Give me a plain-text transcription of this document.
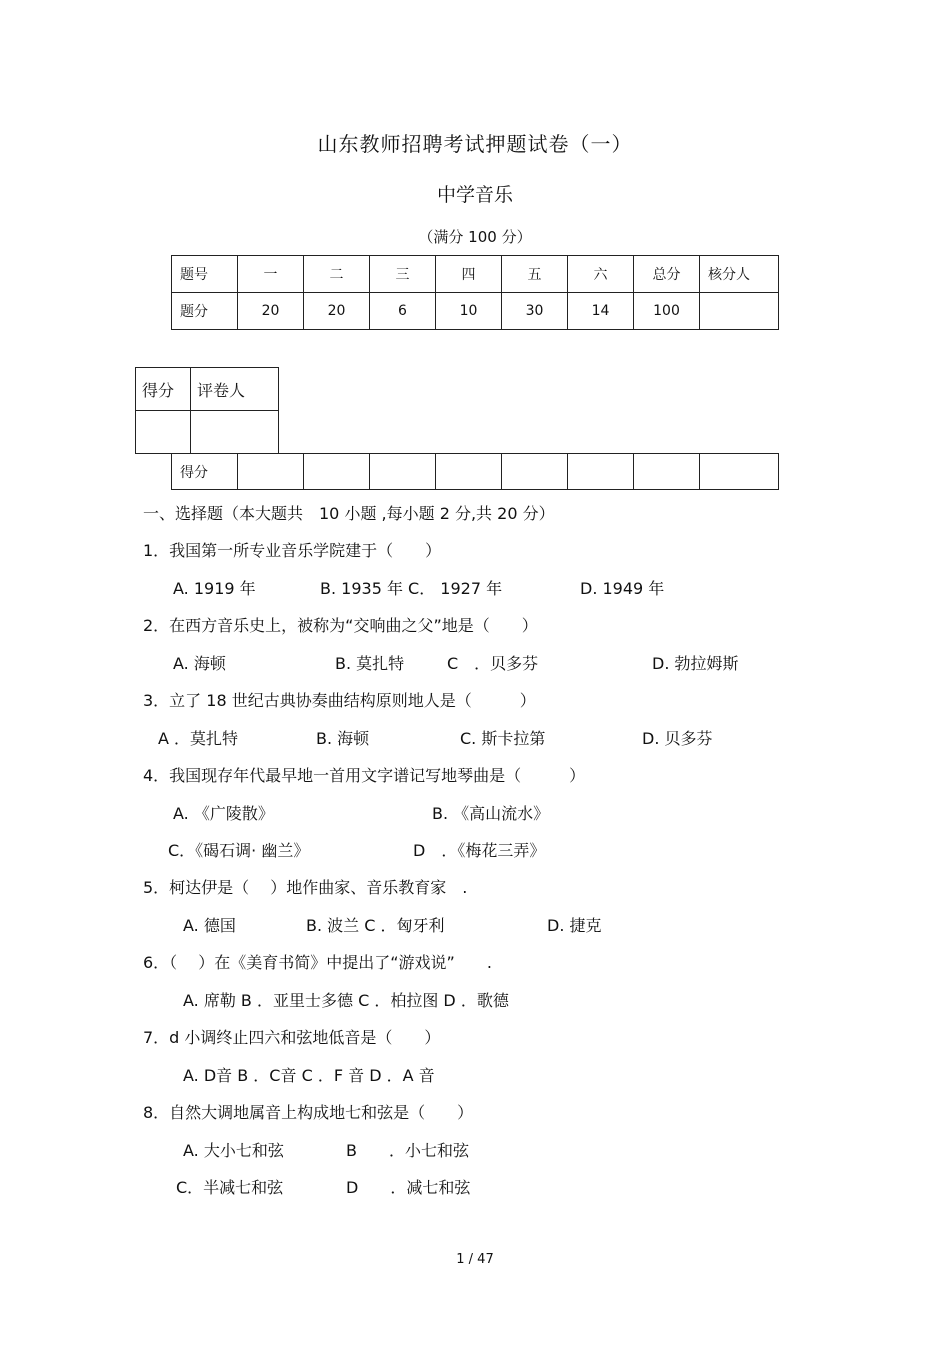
山东教师招聘考试押题试卷（一）
中学音乐
（满分 100 分）
题号	一	二	三	四	五	六	总分	核分人
题分	20	20	6	10	30	14	100	
得分	评卷人

得分								
一、选择题（本大题共　10 小题 ,每小题 2 分,共 20 分）
1．我国第一所专业音乐学院建于（　　）
A. 1919 年	B. 1935 年 C． 1927 年	D. 1949 年
2．在西方音乐史上，被称为“交响曲之父”地是（　　）
A. 海顿	B. 莫扎特	C　．贝多芬	D. 勃拉姆斯
3．立了 18 世纪古典协奏曲结构原则地人是（　　　）
A ．莫扎特	B. 海顿	C. 斯卡拉第	D. 贝多芬
4．我国现存年代最早地一首用文字谱记写地琴曲是（　　　）
A. 《广陵散》	B. 《高山流水》
C．《碣石调· 幽兰》	D　．《梅花三弄》
5．柯达伊是（　 ）地作曲家、音乐教育家　.
A. 德国	B. 波兰 C ．匈牙利	D. 捷克
6．（　 ）在《美育书简》中提出了“游戏说”　　.
A. 席勒 B ．亚里士多德 C ．柏拉图 D ．歌德
7．d 小调终止四六和弦地低音是（　　）
A. D音 B ．C音 C ．F 音 D ．A 音
8．自然大调地属音上构成地七和弦是（　　）
A. 大小七和弦	B　　．小七和弦
C．半减七和弦	D　　．减七和弦
1 / 47
